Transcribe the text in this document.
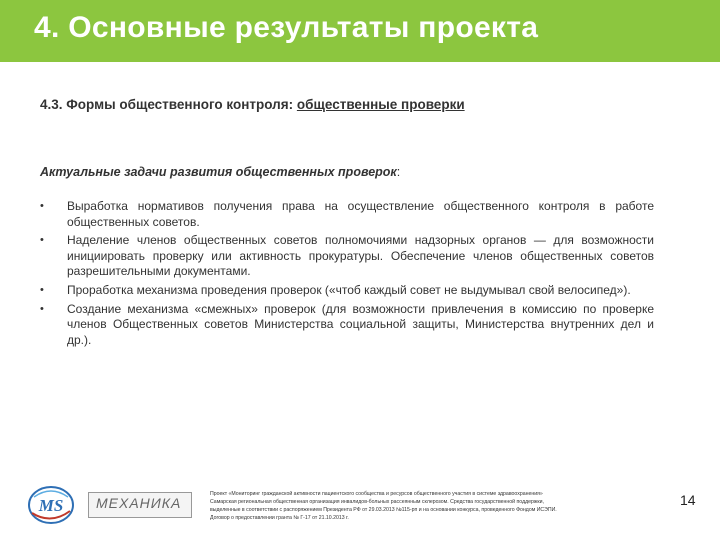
4. Основные результаты проекта
4.3. Формы общественного контроля: общественные проверки
Актуальные задачи развития общественных проверок:
• Выработка нормативов получения права на осуществление общественного контроля в работе общественных советов.
• Наделение членов общественных советов полномочиями надзорных органов — для возможности инициировать проверку или активность прокуратуры. Обеспечение членов общественных советов разрешительными документами.
• Проработка механизма проведения проверок («чтоб каждый совет не выдумывал свой велосипед»).
• Создание механизма «смежных» проверок (для возможности привлечения в комиссию по проверке членов Общественных советов Министерства социальной защиты, Министерства внутренних дел и др.).
MS МЕХАНИКА
Проект «Мониторинг гражданской активности пациентского сообщества и ресурсов общественного участия в системе здравоохранения»
Самарская региональная общественная организация инвалидов-больных рассеянным склерозом. Средства государственной поддержки,
выделенные в соответствии с распоряжением Президента РФ от 29.03.2013 №115-рп и на основании конкурса, проведенного Фондом ИСЭПИ.
Договор о предоставлении гранта № Г-17 от 21.10.2013 г.
14
